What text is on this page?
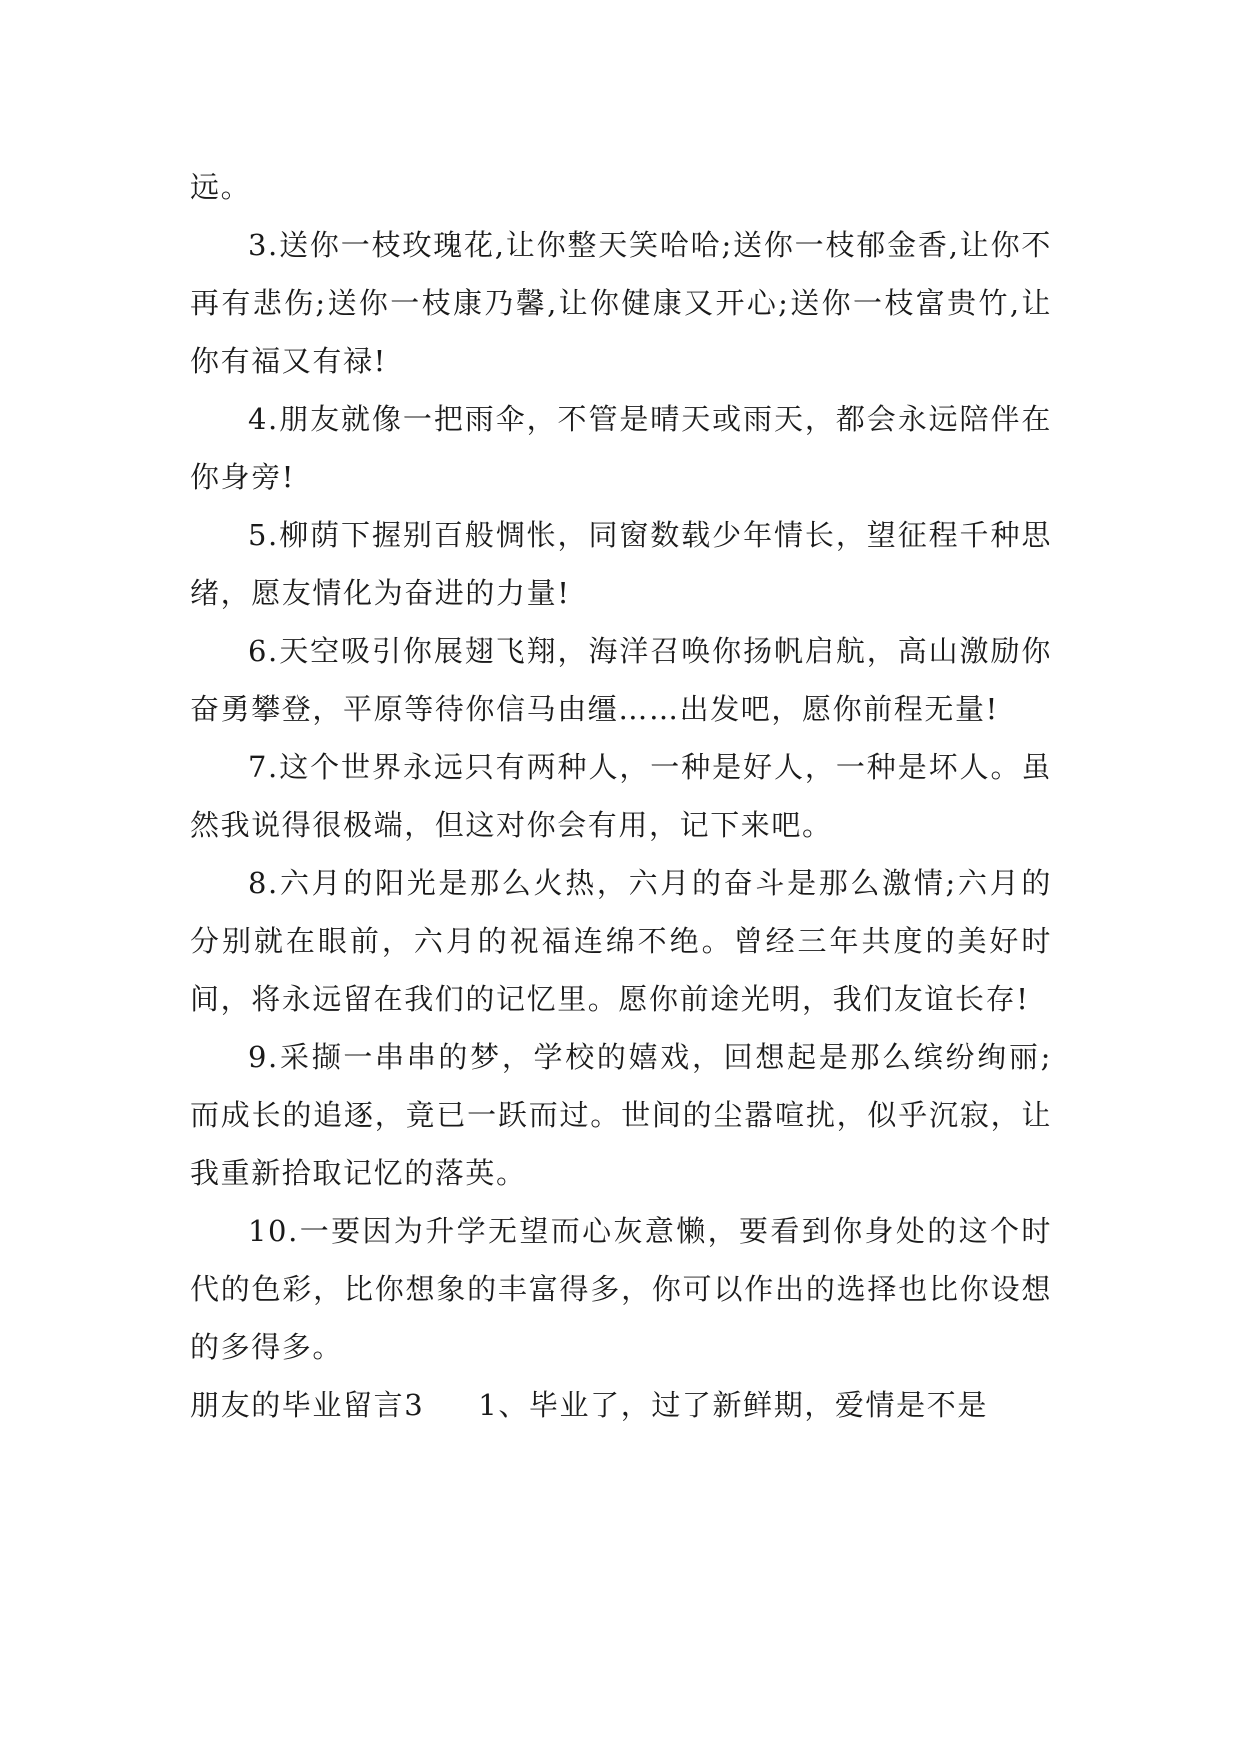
远。

3.送你一枝玫瑰花,让你整天笑哈哈;送你一枝郁金香,让你不再有悲伤;送你一枝康乃馨,让你健康又开心;送你一枝富贵竹,让你有福又有禄!

4.朋友就像一把雨伞，不管是晴天或雨天，都会永远陪伴在你身旁!

5.柳荫下握别百般惆怅，同窗数载少年情长，望征程千种思绪，愿友情化为奋进的力量!

6.天空吸引你展翅飞翔，海洋召唤你扬帆启航，高山激励你奋勇攀登，平原等待你信马由缰……出发吧，愿你前程无量!

7.这个世界永远只有两种人，一种是好人，一种是坏人。虽然我说得很极端，但这对你会有用，记下来吧。

8.六月的阳光是那么火热，六月的奋斗是那么激情;六月的分别就在眼前，六月的祝福连绵不绝。曾经三年共度的美好时间，将永远留在我们的记忆里。愿你前途光明，我们友谊长存!

9.采撷一串串的梦，学校的嬉戏，回想起是那么缤纷绚丽;而成长的追逐，竟已一跃而过。世间的尘嚣喧扰，似乎沉寂，让我重新拾取记忆的落英。

10.一要因为升学无望而心灰意懒，要看到你身处的这个时代的色彩，比你想象的丰富得多，你可以作出的选择也比你设想的多得多。

朋友的毕业留言3 1、毕业了，过了新鲜期，爱情是不是
